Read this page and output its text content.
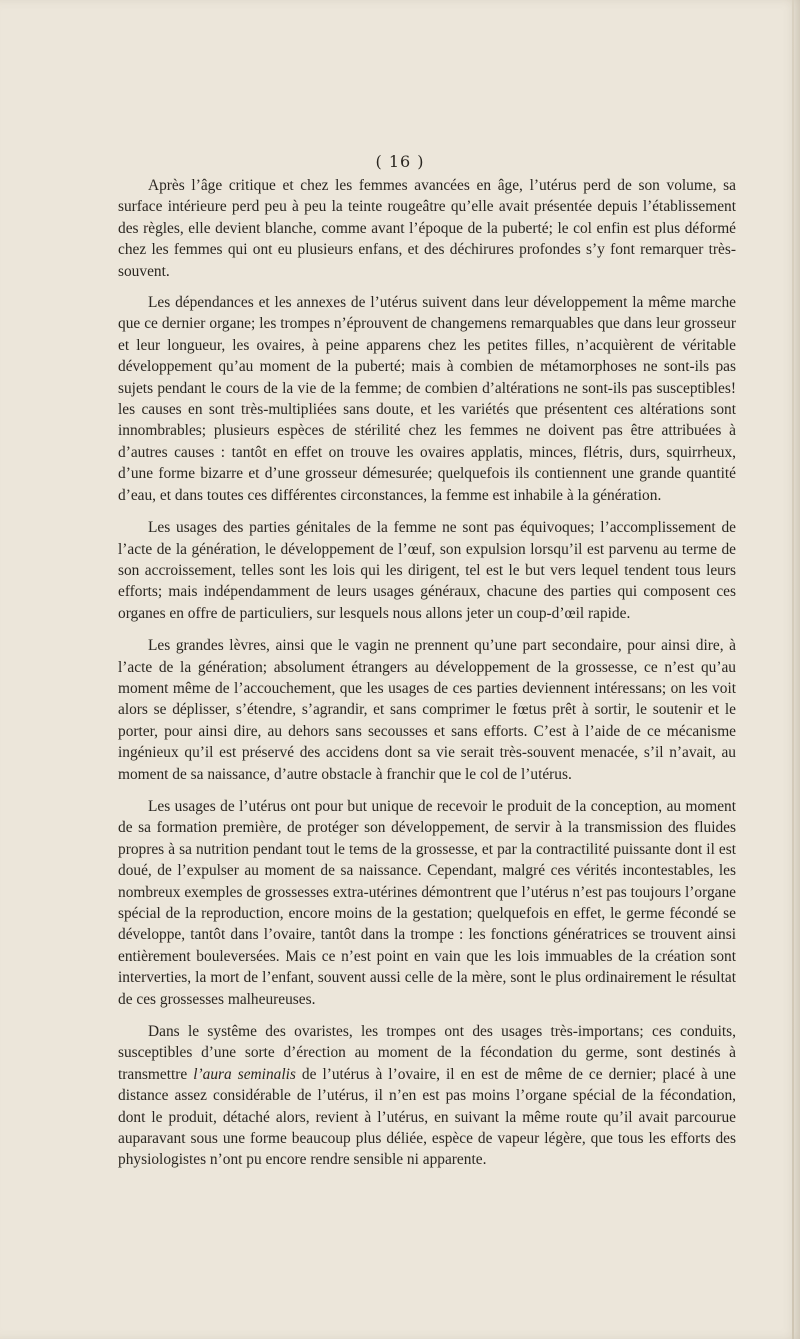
( 16 )

Après l’âge critique et chez les femmes avancées en âge, l’utérus perd de son volume, sa surface intérieure perd peu à peu la teinte rougeâtre qu’elle avait présentée depuis l’établissement des règles, elle devient blanche, comme avant l’époque de la puberté; le col enfin est plus déformé chez les femmes qui ont eu plusieurs enfans, et des déchirures profondes s’y font remarquer très-souvent.

Les dépendances et les annexes de l’utérus suivent dans leur développement la même marche que ce dernier organe; les trompes n’éprouvent de changemens remarquables que dans leur grosseur et leur longueur, les ovaires, à peine apparens chez les petites filles, n’acquièrent de véritable développement qu’au moment de la puberté; mais à combien de métamorphoses ne sont-ils pas sujets pendant le cours de la vie de la femme; de combien d’altérations ne sont-ils pas susceptibles! les causes en sont très-multipliées sans doute, et les variétés que présentent ces altérations sont innombrables; plusieurs espèces de stérilité chez les femmes ne doivent pas être attribuées à d’autres causes : tantôt en effet on trouve les ovaires applatis, minces, flétris, durs, squirrheux, d’une forme bizarre et d’une grosseur démesurée; quelquefois ils contiennent une grande quantité d’eau, et dans toutes ces différentes circonstances, la femme est inhabile à la génération.

Les usages des parties génitales de la femme ne sont pas équivoques; l’accomplissement de l’acte de la génération, le développement de l’œuf, son expulsion lorsqu’il est parvenu au terme de son accroissement, telles sont les lois qui les dirigent, tel est le but vers lequel tendent tous leurs efforts; mais indépendamment de leurs usages généraux, chacune des parties qui composent ces organes en offre de particuliers, sur lesquels nous allons jeter un coup-d’œil rapide.

Les grandes lèvres, ainsi que le vagin ne prennent qu’une part secondaire, pour ainsi dire, à l’acte de la génération; absolument étrangers au développement de la grossesse, ce n’est qu’au moment même de l’accouchement, que les usages de ces parties deviennent intéressans; on les voit alors se déplisser, s’étendre, s’agrandir, et sans comprimer le fœtus prêt à sortir, le soutenir et le porter, pour ainsi dire, au dehors sans secousses et sans efforts. C’est à l’aide de ce mécanisme ingénieux qu’il est préservé des accidens dont sa vie serait très-souvent menacée, s’il n’avait, au moment de sa naissance, d’autre obstacle à franchir que le col de l’utérus.

Les usages de l’utérus ont pour but unique de recevoir le produit de la conception, au moment de sa formation première, de protéger son développement, de servir à la transmission des fluides propres à sa nutrition pendant tout le tems de la grossesse, et par la contractilité puissante dont il est doué, de l’expulser au moment de sa naissance. Cependant, malgré ces vérités incontestables, les nombreux exemples de grossesses extra-utérines démontrent que l’utérus n’est pas toujours l’organe spécial de la reproduction, encore moins de la gestation; quelquefois en effet, le germe fécondé se développe, tantôt dans l’ovaire, tantôt dans la trompe : les fonctions génératrices se trouvent ainsi entièrement bouleversées. Mais ce n’est point en vain que les lois immuables de la création sont interverties, la mort de l’enfant, souvent aussi celle de la mère, sont le plus ordinairement le résultat de ces grossesses malheureuses.

Dans le systême des ovaristes, les trompes ont des usages très-importans; ces conduits, susceptibles d’une sorte d’érection au moment de la fécondation du germe, sont destinés à transmettre l’aura seminalis de l’utérus à l’ovaire, il en est de même de ce dernier; placé à une distance assez considérable de l’utérus, il n’en est pas moins l’organe spécial de la fécondation, dont le produit, détaché alors, revient à l’utérus, en suivant la même route qu’il avait parcourue auparavant sous une forme beaucoup plus déliée, espèce de vapeur légère, que tous les efforts des physiologistes n’ont pu encore rendre sensible ni apparente.
